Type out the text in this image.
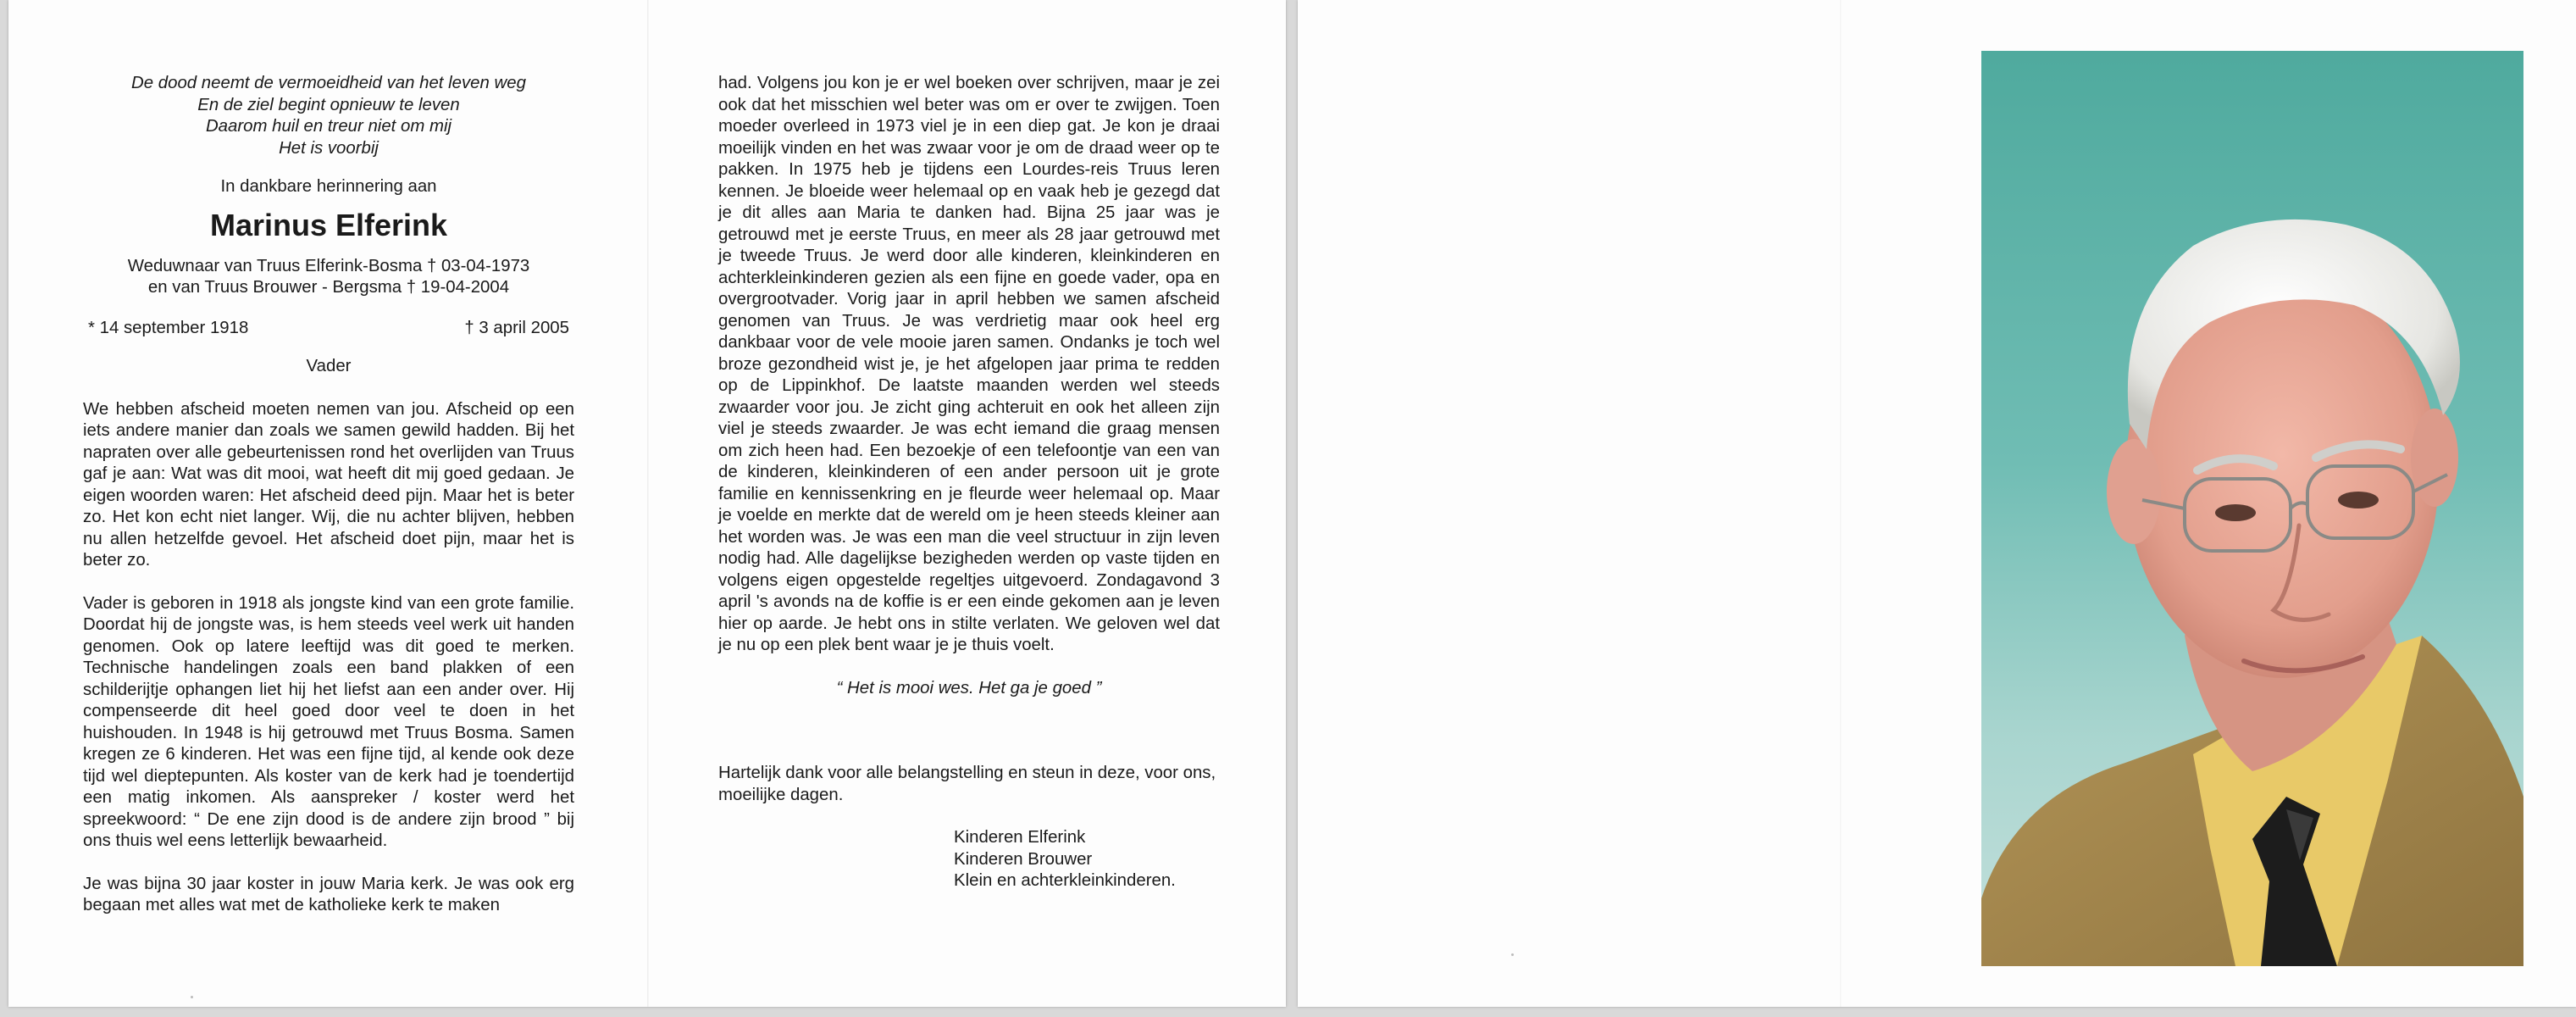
De dood neemt de vermoeidheid van het leven weg
En de ziel begint opnieuw te leven
Daarom huil en treur niet om mij
Het is voorbij
In dankbare herinnering aan
Marinus Elferink
Weduwnaar van Truus Elferink-Bosma † 03-04-1973
en van Truus Brouwer - Bergsma † 19-04-2004
* 14 september 1918	† 3 april 2005
Vader
We hebben afscheid moeten nemen van jou. Afscheid op een iets andere manier dan zoals we samen gewild hadden. Bij het napraten over alle gebeurtenissen rond het overlijden van Truus gaf je aan: Wat was dit mooi, wat heeft dit mij goed gedaan. Je eigen woorden waren: Het afscheid deed pijn. Maar het is beter zo. Het kon echt niet langer. Wij, die nu achter blijven, hebben nu allen hetzelfde gevoel. Het afscheid doet pijn, maar het is beter zo.
Vader is geboren in 1918 als jongste kind van een grote familie. Doordat hij de jongste was, is hem steeds veel werk uit handen genomen. Ook op latere leeftijd was dit goed te merken. Technische handelingen zoals een band plakken of een schilderijtje ophangen liet hij het liefst aan een ander over. Hij compenseerde dit heel goed door veel te doen in het huishouden. In 1948 is hij getrouwd met Truus Bosma. Samen kregen ze 6 kinderen. Het was een fijne tijd, al kende ook deze tijd wel dieptepunten. Als koster van de kerk had je toendertijd een matig inkomen. Als aanspreker / koster werd het spreekwoord: “ De ene zijn dood is de andere zijn brood ” bij ons thuis wel eens letterlijk bewaarheid.
Je was bijna 30 jaar koster in jouw Maria kerk. Je was ook erg begaan met alles wat met de katholieke kerk te maken
had. Volgens jou kon je er wel boeken over schrijven, maar je zei ook dat het misschien wel beter was om er over te zwijgen. Toen moeder overleed in 1973 viel je in een diep gat. Je kon je draai moeilijk vinden en het was zwaar voor je om de draad weer op te pakken. In 1975 heb je tijdens een Lourdes-reis Truus leren kennen. Je bloeide weer helemaal op en vaak heb je gezegd dat je dit alles aan Maria te danken had. Bijna 25 jaar was je getrouwd met je eerste Truus, en meer als 28 jaar getrouwd met je tweede Truus. Je werd door alle kinderen, kleinkinderen en achterkleinkinderen gezien als een fijne en goede vader, opa en overgrootvader. Vorig jaar in april hebben we samen afscheid genomen van Truus. Je was verdrietig maar ook heel erg dankbaar voor de vele mooie jaren samen. Ondanks je toch wel broze gezondheid wist je, je het afgelopen jaar prima te redden op de Lippinkhof. De laatste maanden werden wel steeds zwaarder voor jou. Je zicht ging achteruit en ook het alleen zijn viel je steeds zwaarder. Je was echt iemand die graag mensen om zich heen had. Een bezoekje of een telefoontje van een van de kinderen, kleinkinderen of een ander persoon uit je grote familie en kennissenkring en je fleurde weer helemaal op. Maar je voelde en merkte dat de wereld om je heen steeds kleiner aan het worden was. Je was een man die veel structuur in zijn leven nodig had. Alle dagelijkse bezigheden werden op vaste tijden en volgens eigen opgestelde regeltjes uitgevoerd. Zondagavond 3 april 's avonds na de koffie is er een einde gekomen aan je leven hier op aarde. Je hebt ons in stilte verlaten. We geloven wel dat je nu op een plek bent waar je je thuis voelt.
“ Het is mooi wes. Het ga je goed ”
Hartelijk dank voor alle belangstelling en steun in deze, voor ons, moeilijke dagen.
Kinderen Elferink
Kinderen Brouwer
Klein en achterkleinkinderen.
